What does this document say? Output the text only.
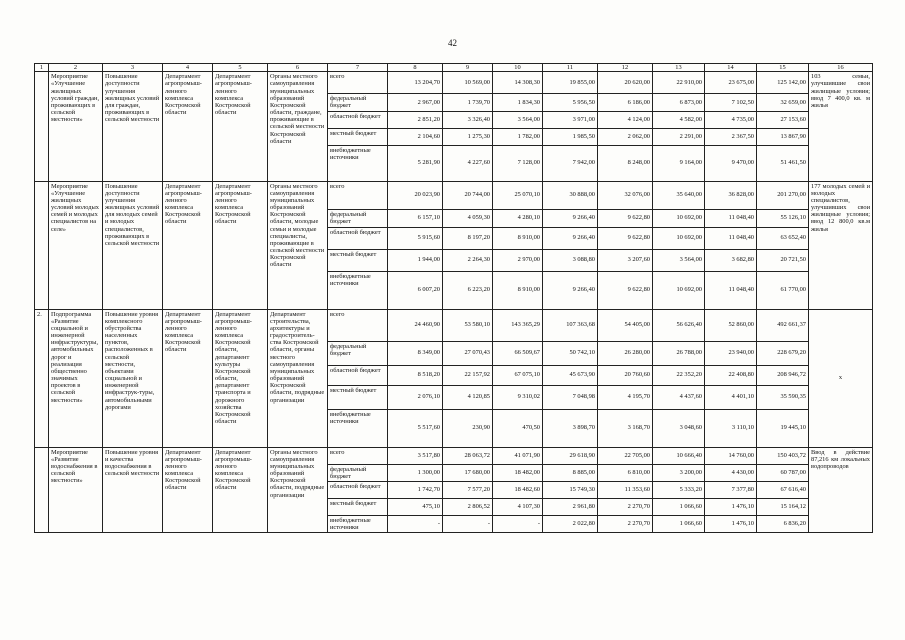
42
1	2	3	4	5	6	7	8	9	10	11	12	13	14	15	16
	Мероприятие «Улучшение жилищных условий граждан, проживающих в сельской местности»	Повышение доступности улучшения жилищных условий для граждан, проживающих в сельской местности	Департамент агропромыш-ленного комплекса Костромской области	Департамент агропромыш-ленного комплекса Костромской области	Органы местного самоуправления муниципальных образований Костромской области, граждане, проживающие в сельской местности Костромской области	всего	13 204,70	10 569,00	14 308,30	19 855,00	20 620,00	22 910,00	23 675,00	125 142,00	103 семьи, улучшившие свои жилищные условия; ввод 7 400,0 кв. м жилья

						федеральный бюджет	2 967,00	1 739,70	1 834,30	5 956,50	6 186,00	6 873,00	7 102,50	32 659,00	
						областной бюджет	2 851,20	3 326,40	3 564,00	3 971,00	4 124,00	4 582,00	4 735,00	27 153,60	
						местный бюджет	2 104,60	1 275,30	1 782,00	1 985,50	2 062,00	2 291,00	2 367,50	13 867,90	
						внебюджетные источники	5 281,90	4 227,60	7 128,00	7 942,00	8 248,00	9 164,00	9 470,00	51 461,50	
	Мероприятие «Улучшение жилищных условий молодых семей и молодых специалистов на селе»	Повышение доступности улучшения жилищных условий для молодых семей и молодых специалистов, проживающих в сельской местности	Департамент агропромыш-ленного комплекса Костромской области	Департамент агропромыш-ленного комплекса Костромской области	Органы местного самоуправления муниципальных образований Костромской области, молодые семьи и молодые специалисты, проживающие в сельской местности Костромской области	всего	20 023,90	20 744,00	25 070,10	30 888,00	32 076,00	35 640,00	36 828,00	201 270,00	177 молодых семей и молодых специалистов, улучшивших свои жилищные условия; ввод 12 800,0 кв.м жилья

						федеральный бюджет	6 157,10	4 059,30	4 280,10	9 266,40	9 622,80	10 692,00	11 048,40	55 126,10	
						областной бюджет	5 915,60	8 197,20	8 910,00	9 266,40	9 622,80	10 692,00	11 048,40	63 652,40	
						местный бюджет	1 944,00	2 264,30	2 970,00	3 088,80	3 207,60	3 564,00	3 682,80	20 721,50	
						внебюджетные источники	6 007,20	6 223,20	8 910,00	9 266,40	9 622,80	10 692,00	11 048,40	61 770,00	
2.	Подпрограмма «Развитие социальной и инженерной инфраструктуры, автомобильных дорог и реализация общественно значимых проектов в сельской местности»	Повышение уровня комплексного обустройства населенных пунктов, расположенных в сельской местности, объектами социальной и инженерной инфраструк-туры, автомобильными дорогами	Департамент агропромыш-ленного комплекса Костромской области	Департамент агропромыш-ленного комплекса Костромской области, департамент культуры Костромской области, департамент транспорта и дорожного хозяйства Костромской области	Департамент строительства, архитектуры и градостроитель-ства Костромской области, органы местного самоуправления муниципальных образований Костромской области, подрядные организации	всего	24 460,90	53 580,10	143 365,29	107 363,68	54 405,00	56 626,40	52 860,00	492 661,37	х

						федеральный бюджет	8 349,00	27 070,43	66 509,67	50 742,10	26 280,00	26 788,00	23 940,00	228 679,20	
						областной бюджет	8 518,20	22 157,92	67 075,10	45 673,90	20 760,60	22 352,20	22 408,80	208 946,72	
						местный бюджет	2 076,10	4 120,85	9 310,02	7 048,98	4 195,70	4 437,60	4 401,10	35 590,35	
						внебюджетные источники	5 517,60	230,90	470,50	3 898,70	3 168,70	3 048,60	3 110,10	19 445,10	
	Мероприятие «Развитие водоснабжения в сельской местности»	Повышение уровня и качества водоснабжения в сельской местности	Департамент агропромыш-ленного комплекса Костромской области	Департамент агропромыш-ленного комплекса Костромской области	Органы местного самоуправления муниципальных образований Костромской области, подрядные организации	всего	3 517,80	28 063,72	41 071,90	29 618,90	22 705,00	10 666,40	14 760,00	150 403,72	Ввод в действие 87,216 км локальных водопроводов

						федеральный бюджет	1 300,00	17 680,00	18 482,00	8 885,00	6 810,00	3 200,00	4 430,00	60 787,00	
						областной бюджет	1 742,70	7 577,20	18 482,60	15 749,30	11 353,60	5 333,20	7 377,80	67 616,40	
						местный бюджет	475,10	2 806,52	4 107,30	2 961,80	2 270,70	1 066,60	1 476,10	15 164,12	
						внебюджетные источники	-	-	-	2 022,80	2 270,70	1 066,60	1 476,10	6 836,20	
